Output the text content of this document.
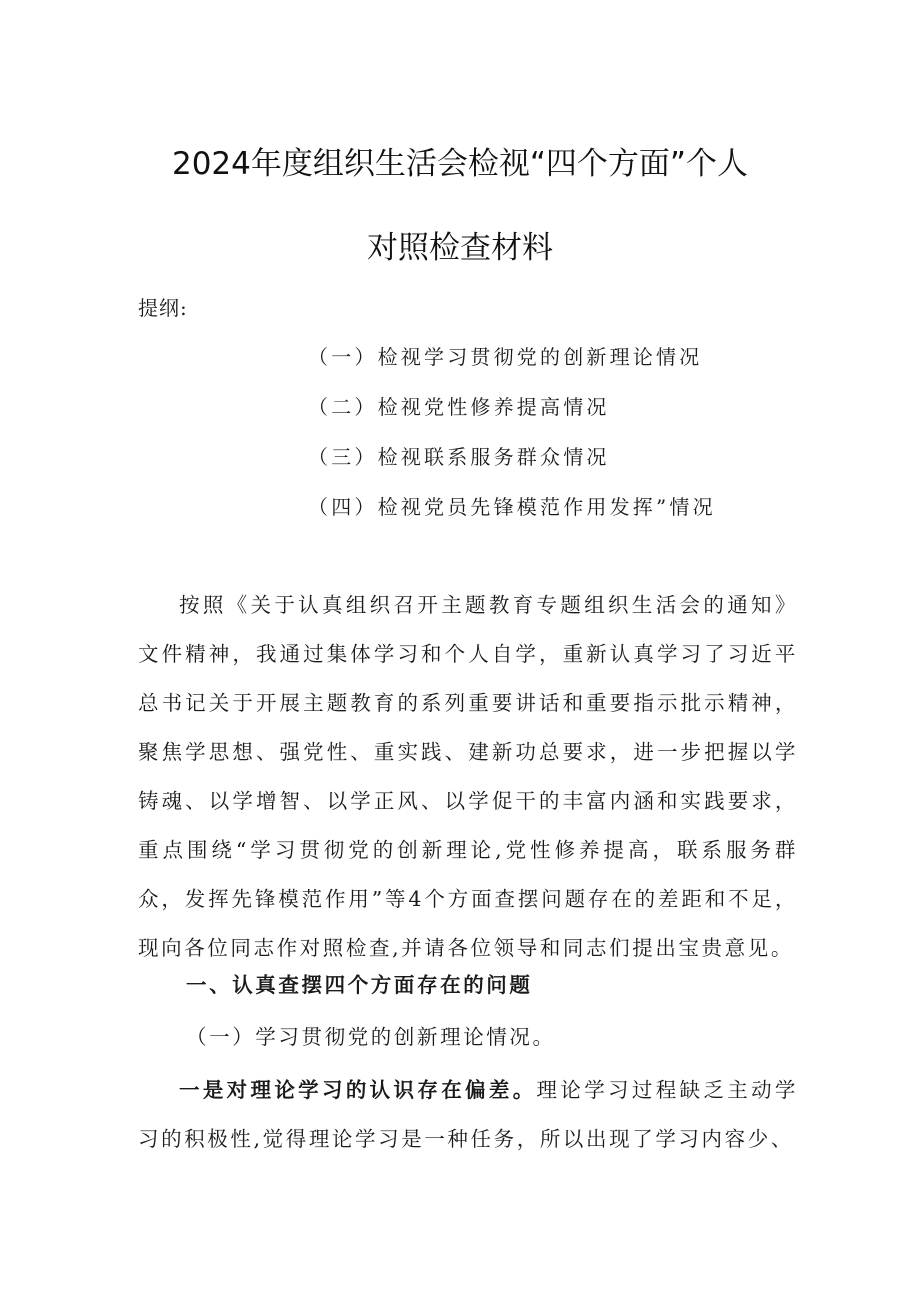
2024年度组织生活会检视“四个方面”个人
对照检查材料
提纲:
（一）检视学习贯彻党的创新理论情况
（二）检视党性修养提高情况
（三）检视联系服务群众情况
（四）检视党员先锋模范作用发挥”情况

按照《关于认真组织召开主题教育专题组织生活会的通知》文件精神，我通过集体学习和个人自学，重新认真学习了习近平总书记关于开展主题教育的系列重要讲话和重要指示批示精神，聚焦学思想、强党性、重实践、建新功总要求，进一步把握以学铸魂、以学增智、以学正风、以学促干的丰富内涵和实践要求，重点围绕“学习贯彻党的创新理论,党性修养提高，联系服务群众，发挥先锋模范作用”等4个方面查摆问题存在的差距和不足，现向各位同志作对照检查,并请各位领导和同志们提出宝贵意见。

一、认真查摆四个方面存在的问题

（一）学习贯彻党的创新理论情况。

一是对理论学习的认识存在偏差。理论学习过程缺乏主动学习的积极性,觉得理论学习是一种任务，所以出现了学习内容少、
